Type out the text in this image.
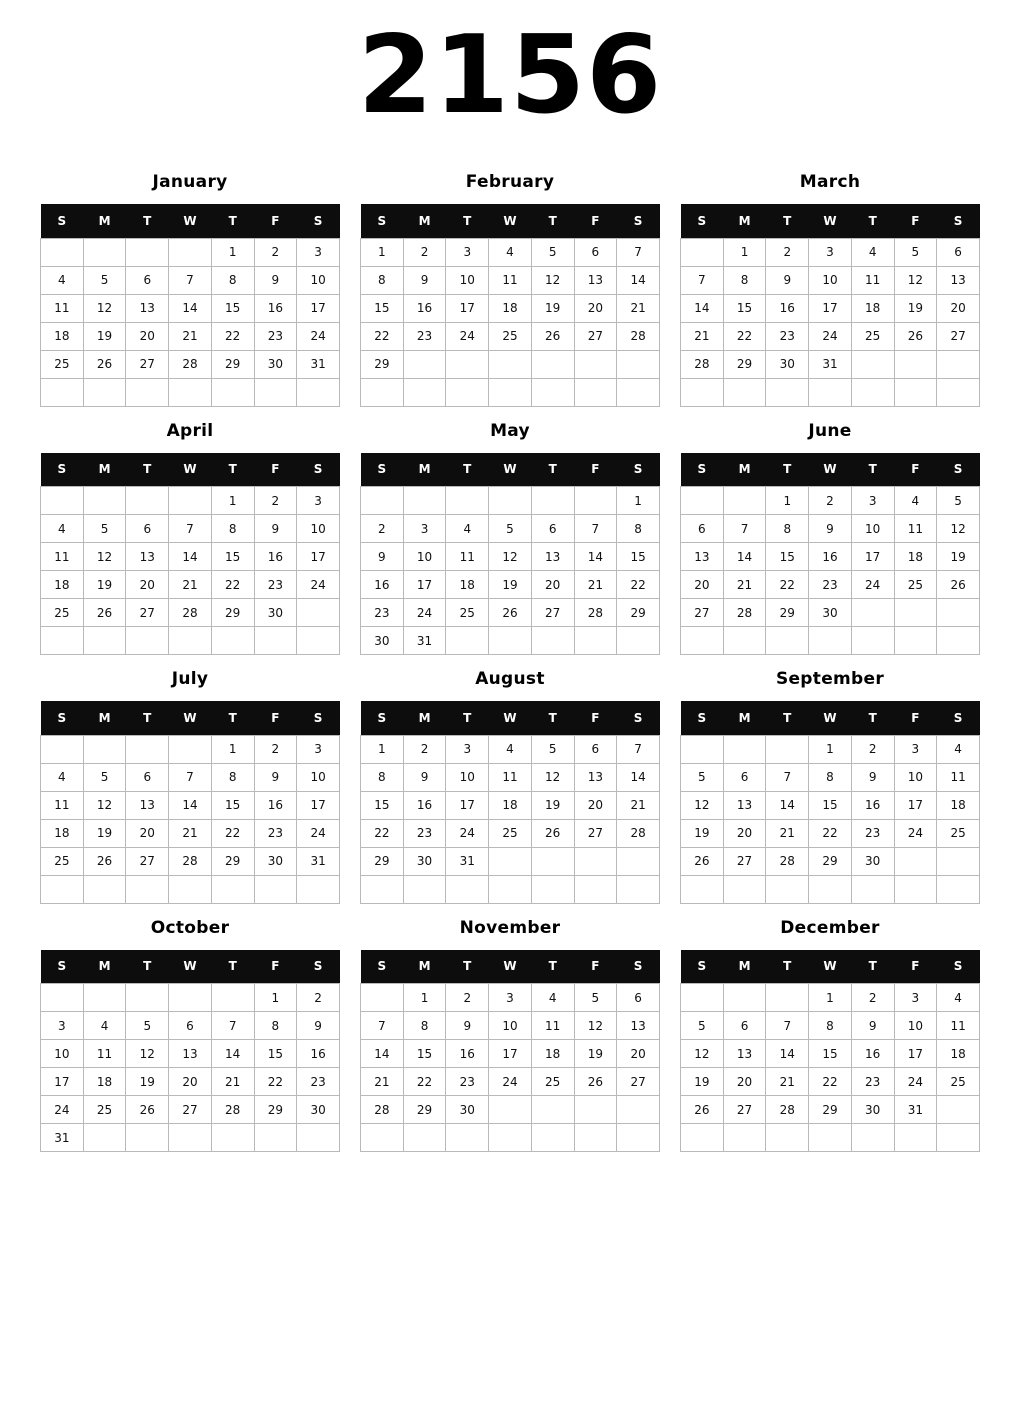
2156
January
S	M	T	W	T	F	S
				1	2	3
4	5	6	7	8	9	10
11	12	13	14	15	16	17
18	19	20	21	22	23	24
25	26	27	28	29	30	31

February
S	M	T	W	T	F	S
1	2	3	4	5	6	7
8	9	10	11	12	13	14
15	16	17	18	19	20	21
22	23	24	25	26	27	28
29						

March
S	M	T	W	T	F	S
	1	2	3	4	5	6
7	8	9	10	11	12	13
14	15	16	17	18	19	20
21	22	23	24	25	26	27
28	29	30	31			

April
S	M	T	W	T	F	S
				1	2	3
4	5	6	7	8	9	10
11	12	13	14	15	16	17
18	19	20	21	22	23	24
25	26	27	28	29	30	

May
S	M	T	W	T	F	S
						1
2	3	4	5	6	7	8
9	10	11	12	13	14	15
16	17	18	19	20	21	22
23	24	25	26	27	28	29
30	31					
June
S	M	T	W	T	F	S
		1	2	3	4	5
6	7	8	9	10	11	12
13	14	15	16	17	18	19
20	21	22	23	24	25	26
27	28	29	30			

July
S	M	T	W	T	F	S
				1	2	3
4	5	6	7	8	9	10
11	12	13	14	15	16	17
18	19	20	21	22	23	24
25	26	27	28	29	30	31

August
S	M	T	W	T	F	S
1	2	3	4	5	6	7
8	9	10	11	12	13	14
15	16	17	18	19	20	21
22	23	24	25	26	27	28
29	30	31				

September
S	M	T	W	T	F	S
			1	2	3	4
5	6	7	8	9	10	11
12	13	14	15	16	17	18
19	20	21	22	23	24	25
26	27	28	29	30		

October
S	M	T	W	T	F	S
					1	2
3	4	5	6	7	8	9
10	11	12	13	14	15	16
17	18	19	20	21	22	23
24	25	26	27	28	29	30
31						
November
S	M	T	W	T	F	S
	1	2	3	4	5	6
7	8	9	10	11	12	13
14	15	16	17	18	19	20
21	22	23	24	25	26	27
28	29	30				

December
S	M	T	W	T	F	S
			1	2	3	4
5	6	7	8	9	10	11
12	13	14	15	16	17	18
19	20	21	22	23	24	25
26	27	28	29	30	31	
